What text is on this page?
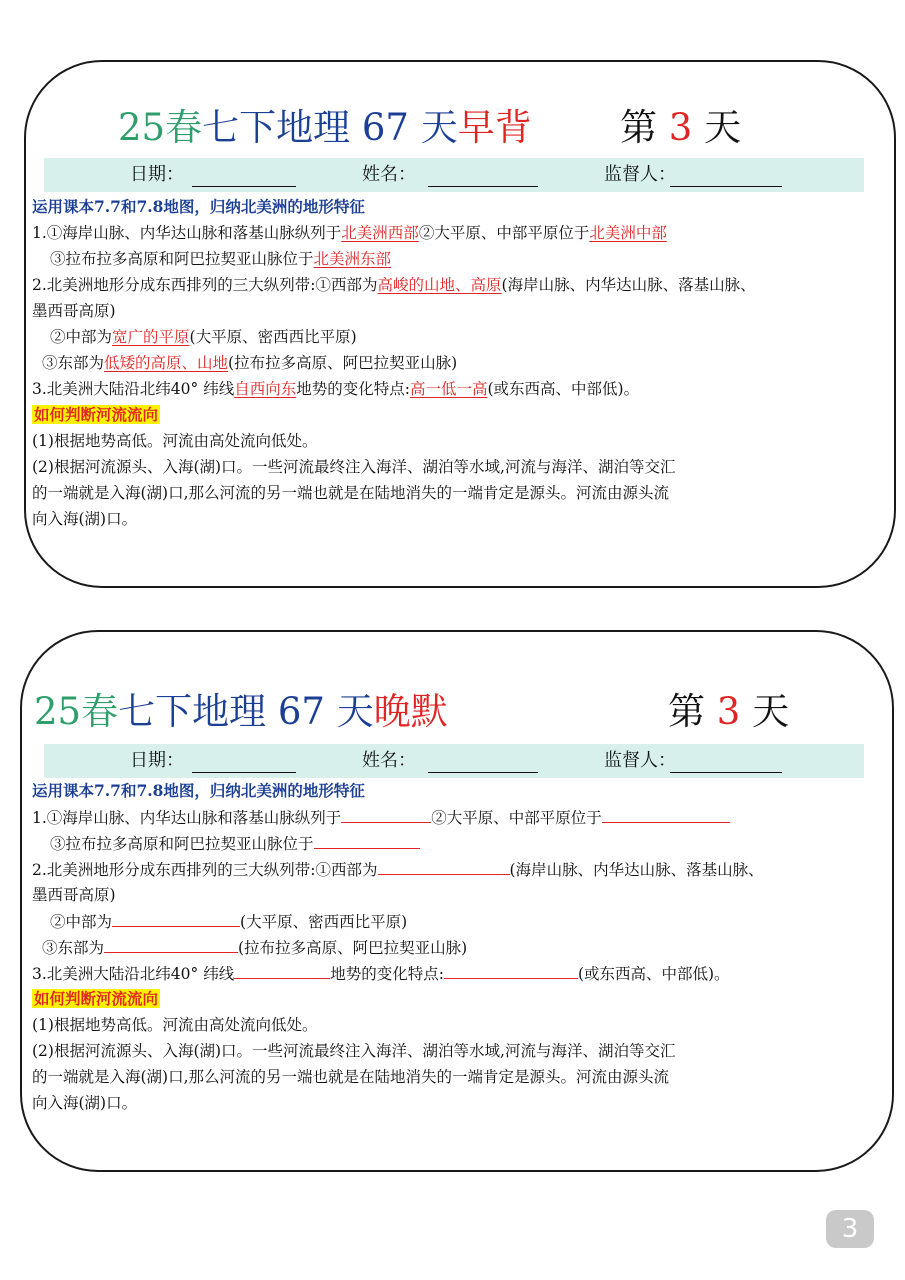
25春七下地理 67 天早背	第 3 天
日期：	姓名：	监督人：
运用课本7.7和7.8地图，归纳北美洲的地形特征
1.①海岸山脉、内华达山脉和落基山脉纵列于北美洲西部②大平原、中部平原位于北美洲中部
③拉布拉多高原和阿巴拉契亚山脉位于北美洲东部
2.北美洲地形分成东西排列的三大纵列带:①西部为高峻的山地、高原(海岸山脉、内华达山脉、落基山脉、
墨西哥高原)
②中部为宽广的平原(大平原、密西西比平原)
③东部为低矮的高原、山地(拉布拉多高原、阿巴拉契亚山脉)
3.北美洲大陆沿北纬40° 纬线自西向东地势的变化特点:高一低一高(或东西高、中部低)。
如何判断河流流向
(1)根据地势高低。河流由高处流向低处。
(2)根据河流源头、入海(湖)口。一些河流最终注入海洋、湖泊等水域,河流与海洋、湖泊等交汇
的一端就是入海(湖)口,那么河流的另一端也就是在陆地消失的一端肯定是源头。河流由源头流
向入海(湖)口。
25春七下地理 67 天晚默	第 3 天
日期：	姓名：	监督人：
运用课本7.7和7.8地图，归纳北美洲的地形特征
1.①海岸山脉、内华达山脉和落基山脉纵列于	②大平原、中部平原位于
③拉布拉多高原和阿巴拉契亚山脉位于
2.北美洲地形分成东西排列的三大纵列带:①西部为	(海岸山脉、内华达山脉、落基山脉、
墨西哥高原)
②中部为	(大平原、密西西比平原)
③东部为	(拉布拉多高原、阿巴拉契亚山脉)
3.北美洲大陆沿北纬40° 纬线	地势的变化特点:	(或东西高、中部低)。
如何判断河流流向
(1)根据地势高低。河流由高处流向低处。
(2)根据河流源头、入海(湖)口。一些河流最终注入海洋、湖泊等水域,河流与海洋、湖泊等交汇
的一端就是入海(湖)口,那么河流的另一端也就是在陆地消失的一端肯定是源头。河流由源头流
向入海(湖)口。
3
